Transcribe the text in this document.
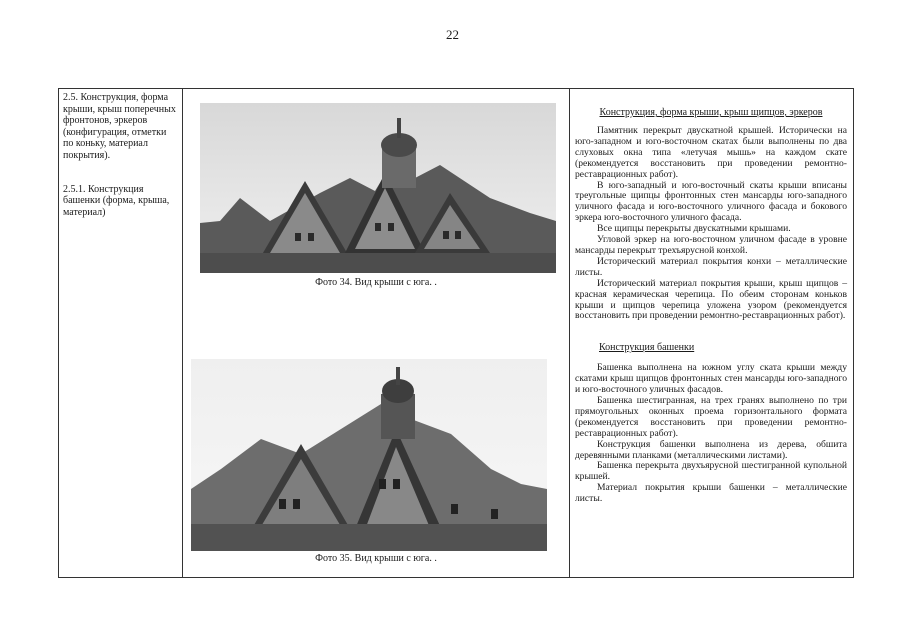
22

2.5. Конструкция, форма крыши, крыш поперечных фронтонов, эркеров (конфигурация, отметки по коньку, материал покрытия).

2.5.1. Конструкция башенки (форма, крыша, материал)

Фото 34. Вид крыши с юга. .
Фото 35. Вид крыши с юга. .
Конструкция, форма крыши, крыш щипцов, эркеров

Памятник перекрыт двускатной крышей. Исторически на юго-западном и юго-восточном скатах были выполнены по два слуховых окна типа «летучая мышь» на каждом скате (рекомендуется восстановить при проведении ремонтно-реставрационных работ).

В юго-западный и юго-восточный скаты крыши вписаны треугольные щипцы фронтонных стен мансарды юго-западного уличного фасада и юго-восточного уличного фасада и бокового эркера юго-восточного уличного фасада.

Все щипцы перекрыты двускатными крышами.

Угловой эркер на юго-восточном уличном фасаде в уровне мансарды перекрыт трехъярусной конхой.

Исторический материал покрытия конхи – металлические листы.

Исторический материал покрытия крыши, крыш щипцов – красная керамическая черепица. По обеим сторонам коньков крыши и щипцов черепица уложена узором (рекомендуется восстановить при проведении ремонтно-реставрационных работ).

Конструкция башенки

Башенка выполнена на южном углу ската крыши между скатами крыш щипцов фронтонных стен мансарды юго-западного и юго-восточного уличных фасадов.

Башенка шестигранная, на трех гранях выполнено по три прямоугольных оконных проема горизонтального формата (рекомендуется восстановить при проведении ремонтно-реставрационных работ).

Конструкция башенки выполнена из дерева, обшита деревянными планками (металлическими листами).

Башенка перекрыта двухъярусной шестигранной купольной крышей.

Материал покрытия крыши башенки – металлические листы.
